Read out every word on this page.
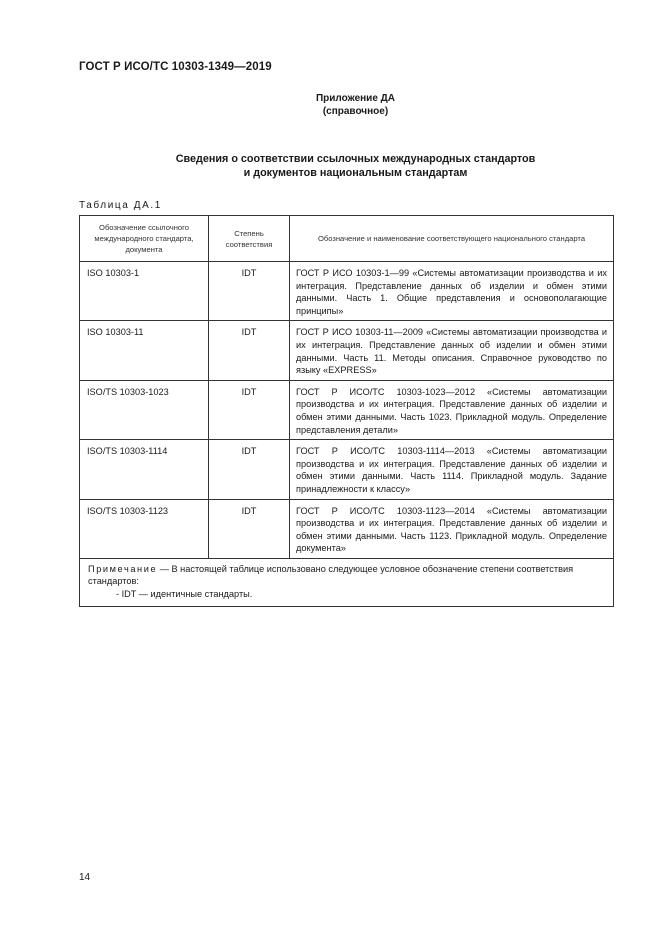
ГОСТ Р ИСО/ТС 10303-1349—2019
Приложение ДА
(справочное)
Сведения о соответствии ссылочных международных стандартов
и документов национальным стандартам
Таблица ДА.1
Обозначение ссылочного международного стандарта, документа	Степень соответствия	Обозначение и наименование соответствующего национального стандарта
ISO 10303-1	IDT	ГОСТ Р ИСО 10303-1—99 «Системы автоматизации производства и их интеграция. Представление данных об изделии и обмен этими данными. Часть 1. Общие представления и основополагающие принципы»
ISO 10303-11	IDT	ГОСТ Р ИСО 10303-11—2009 «Системы автоматизации производства и их интеграция. Представление данных об изделии и обмен этими данными. Часть 11. Методы описания. Справочное руководство по языку «EXPRESS»
ISO/TS 10303-1023	IDT	ГОСТ Р ИСО/ТС 10303-1023—2012 «Системы автоматизации производства и их интеграция. Представление данных об изделии и обмен этими данными. Часть 1023. Прикладной модуль. Определение представления детали»
ISO/TS 10303-1114	IDT	ГОСТ Р ИСО/ТС 10303-1114—2013 «Системы автоматизации производства и их интеграция. Представление данных об изделии и обмен этими данными. Часть 1114. Прикладной модуль. Задание принадлежности к классу»
ISO/TS 10303-1123	IDT	ГОСТ Р ИСО/ТС 10303-1123—2014 «Системы автоматизации производства и их интеграция. Представление данных об изделии и обмен этими данными. Часть 1123. Прикладной модуль. Определение документа»

Примечание — В настоящей таблице использовано следующее условное обозначение степени соответствия стандартов:
- IDT — идентичные стандарты.		
14
